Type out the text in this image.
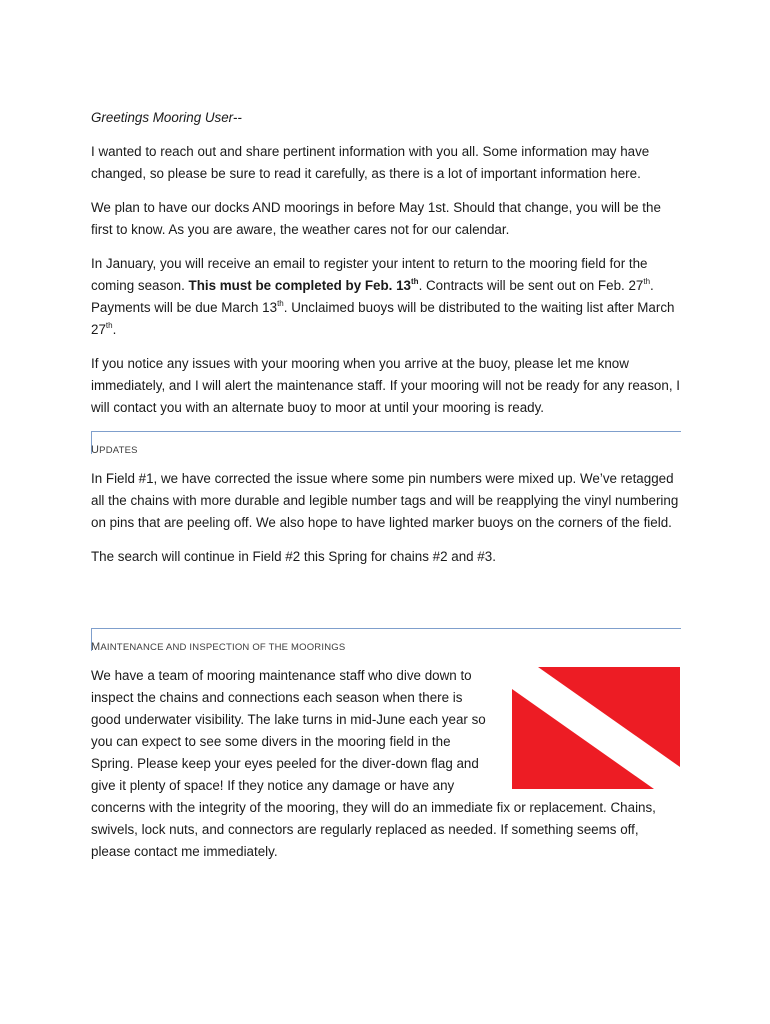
Greetings Mooring User--

I wanted to reach out and share pertinent information with you all. Some information may have changed, so please be sure to read it carefully, as there is a lot of important information here.

We plan to have our docks AND moorings in before May 1st. Should that change, you will be the first to know. As you are aware, the weather cares not for our calendar.

In January, you will receive an email to register your intent to return to the mooring field for the coming season. This must be completed by Feb. 13th. Contracts will be sent out on Feb. 27th. Payments will be due March 13th. Unclaimed buoys will be distributed to the waiting list after March 27th.

If you notice any issues with your mooring when you arrive at the buoy, please let me know immediately, and I will alert the maintenance staff. If your mooring will not be ready for any reason, I will contact you with an alternate buoy to moor at until your mooring is ready.

UPDATES

In Field #1, we have corrected the issue where some pin numbers were mixed up. We’ve retagged all the chains with more durable and legible number tags and will be reapplying the vinyl numbering on pins that are peeling off. We also hope to have lighted marker buoys on the corners of the field.

The search will continue in Field #2 this Spring for chains #2 and #3.

MAINTENANCE AND INSPECTION OF THE MOORINGS
We have a team of mooring maintenance staff who dive down to inspect the chains and connections each season when there is good underwater visibility. The lake turns in mid-June each year so you can expect to see some divers in the mooring field in the Spring. Please keep your eyes peeled for the diver-down flag and give it plenty of space! If they notice any damage or have any
concerns with the integrity of the mooring, they will do an immediate fix or replacement. Chains, swivels, lock nuts, and connectors are regularly replaced as needed. If something seems off, please contact me immediately.
